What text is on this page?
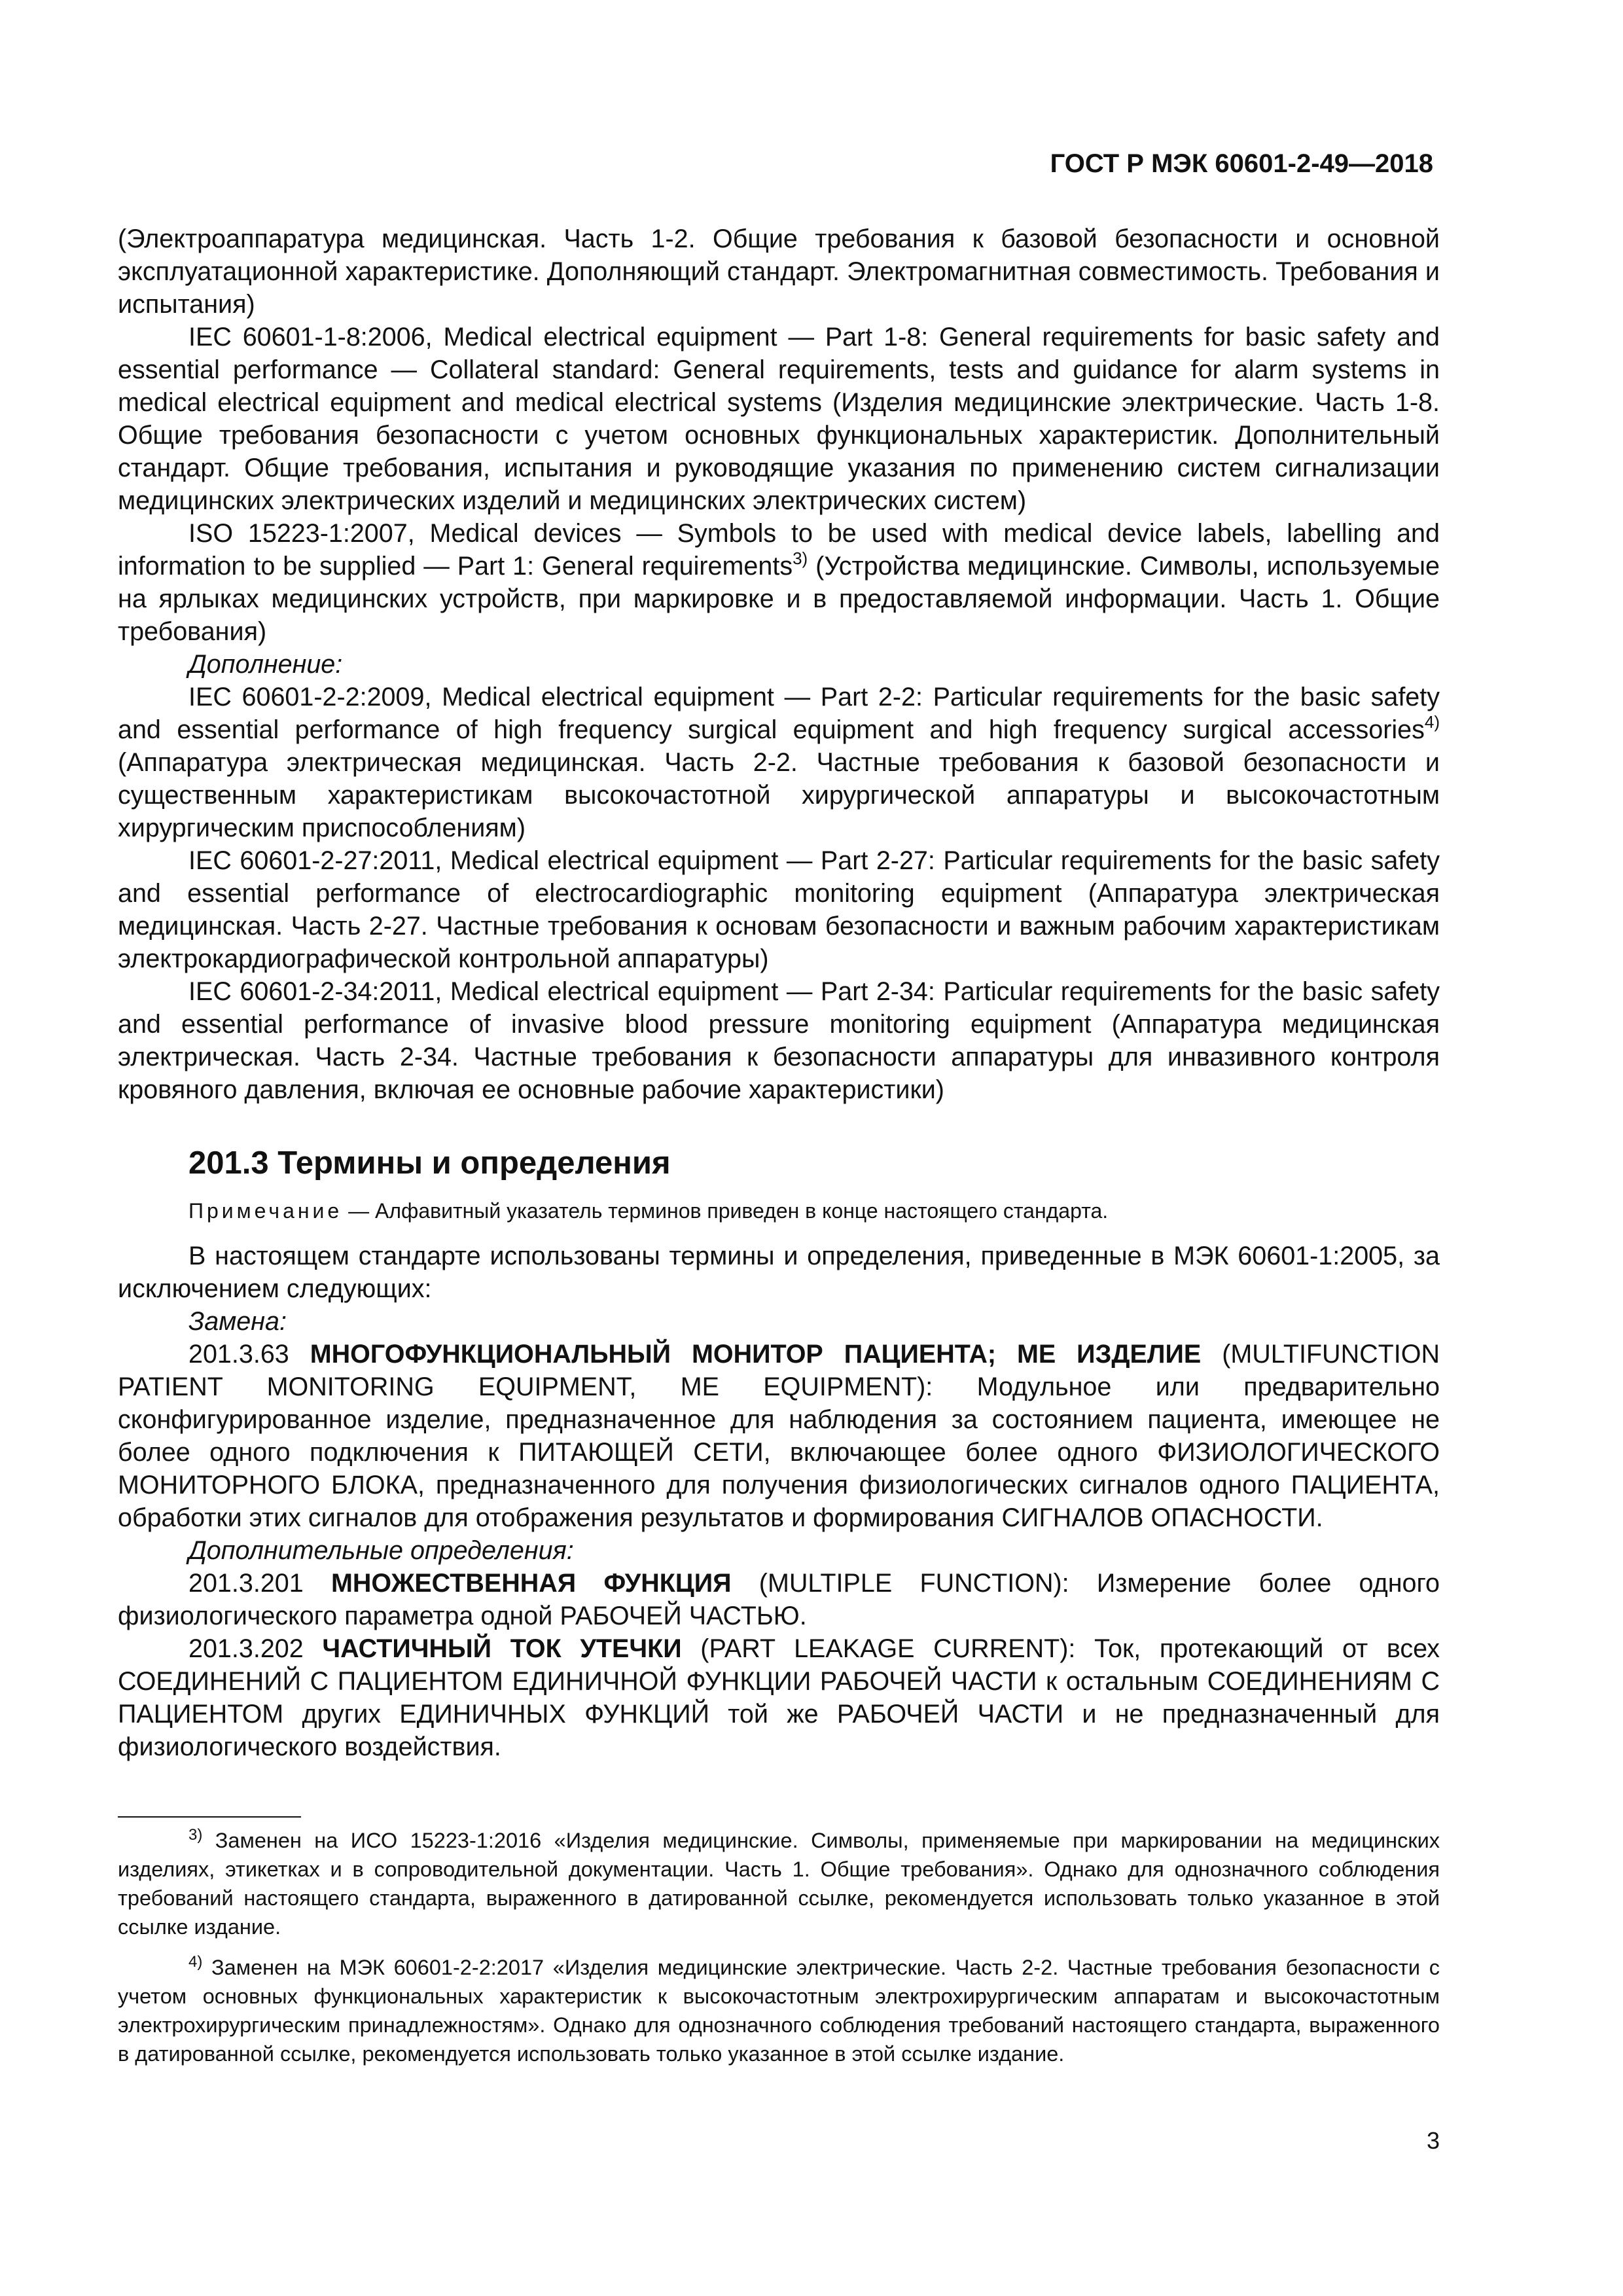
ГОСТ Р МЭК 60601-2-49—2018

(Электроаппаратура медицинская. Часть 1-2. Общие требования к базовой безопасности и основной эксплуатационной характеристике. Дополняющий стандарт. Электромагнитная совместимость. Требования и испытания)

IEC 60601-1-8:2006, Medical electrical equipment — Part 1-8: General requirements for basic safety and essential performance — Collateral standard: General requirements, tests and guidance for alarm systems in medical electrical equipment and medical electrical systems (Изделия медицинские электрические. Часть 1-8. Общие требования безопасности с учетом основных функциональных характеристик. Дополнительный стандарт. Общие требования, испытания и руководящие указания по применению систем сигнализации медицинских электрических изделий и медицинских электрических систем)

ISO 15223-1:2007, Medical devices — Symbols to be used with medical device labels, labelling and information to be supplied — Part 1: General requirements$^{3)}$ (Устройства медицинские. Символы, используемые на ярлыках медицинских устройств, при маркировке и в предоставляемой информации. Часть 1. Общие требования)

Дополнение:

IEC 60601-2-2:2009, Medical electrical equipment — Part 2-2: Particular requirements for the basic safety and essential performance of high frequency surgical equipment and high frequency surgical accessories$^{4)}$ (Аппаратура электрическая медицинская. Часть 2-2. Частные требования к базовой безопасности и существенным характеристикам высокочастотной хирургической аппаратуры и высокочастотным хирургическим приспособлениям)

IEC 60601-2-27:2011, Medical electrical equipment — Part 2-27: Particular requirements for the basic safety and essential performance of electrocardiographic monitoring equipment (Аппаратура электрическая медицинская. Часть 2-27. Частные требования к основам безопасности и важным рабочим характеристикам электрокардиографической контрольной аппаратуры)

IEC 60601-2-34:2011, Medical electrical equipment — Part 2-34: Particular requirements for the basic safety and essential performance of invasive blood pressure monitoring equipment (Аппаратура медицинская электрическая. Часть 2-34. Частные требования к безопасности аппаратуры для инвазивного контроля кровяного давления, включая ее основные рабочие характеристики)

201.3 Термины и определения

Примечание — Алфавитный указатель терминов приведен в конце настоящего стандарта.

В настоящем стандарте использованы термины и определения, приведенные в МЭК 60601-1:2005, за исключением следующих:

Замена:

201.3.63 МНОГОФУНКЦИОНАЛЬНЫЙ МОНИТОР ПАЦИЕНТА; МЕ ИЗДЕЛИЕ (MULTIFUNCTION PATIENT MONITORING EQUIPMENT, ME EQUIPMENT): Модульное или предварительно сконфигурированное изделие, предназначенное для наблюдения за состоянием пациента, имеющее не более одного подключения к ПИТАЮЩЕЙ СЕТИ, включающее более одного ФИЗИОЛОГИЧЕСКОГО МОНИТОРНОГО БЛОКА, предназначенного для получения физиологических сигналов одного ПАЦИЕНТА, обработки этих сигналов для отображения результатов и формирования СИГНАЛОВ ОПАСНОСТИ.

Дополнительные определения:

201.3.201 МНОЖЕСТВЕННАЯ ФУНКЦИЯ (MULTIPLE FUNCTION): Измерение более одного физиологического параметра одной РАБОЧЕЙ ЧАСТЬЮ.

201.3.202 ЧАСТИЧНЫЙ ТОК УТЕЧКИ (PART LEAKAGE CURRENT): Ток, протекающий от всех СОЕДИНЕНИЙ С ПАЦИЕНТОМ ЕДИНИЧНОЙ ФУНКЦИИ РАБОЧЕЙ ЧАСТИ к остальным СОЕДИНЕНИЯМ С ПАЦИЕНТОМ других ЕДИНИЧНЫХ ФУНКЦИЙ той же РАБОЧЕЙ ЧАСТИ и не предназначенный для физиологического воздействия.

$^{3)}$ Заменен на ИСО 15223-1:2016 «Изделия медицинские. Символы, применяемые при маркировании на медицинских изделиях, этикетках и в сопроводительной документации. Часть 1. Общие требования». Однако для однозначного соблюдения требований настоящего стандарта, выраженного в датированной ссылке, рекомендуется использовать только указанное в этой ссылке издание.

$^{4)}$ Заменен на МЭК 60601-2-2:2017 «Изделия медицинские электрические. Часть 2-2. Частные требования безопасности с учетом основных функциональных характеристик к высокочастотным электрохирургическим аппаратам и высокочастотным электрохирургическим принадлежностям». Однако для однозначного соблюдения требований настоящего стандарта, выраженного в датированной ссылке, рекомендуется использовать только указанное в этой ссылке издание.

3
